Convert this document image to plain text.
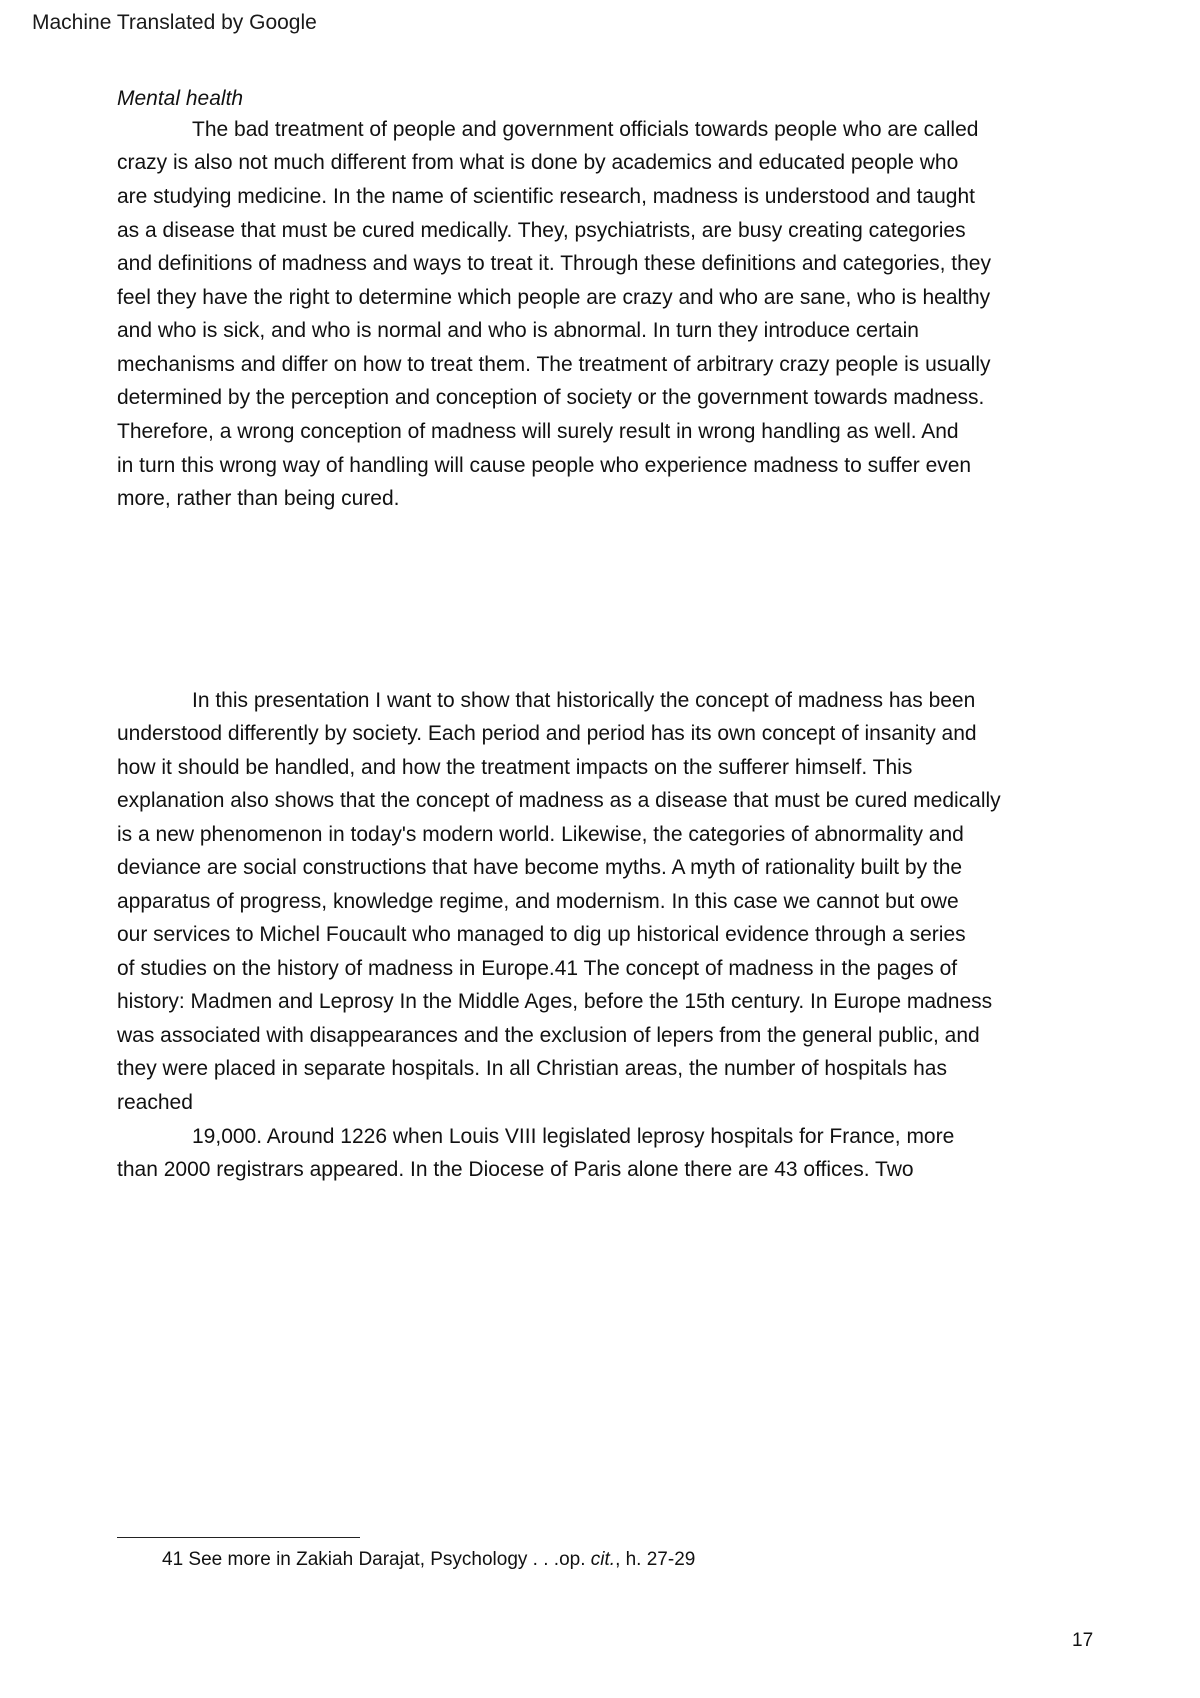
Machine Translated by Google
Mental health
The bad treatment of people and government officials towards people who are called
crazy is also not much different from what is done by academics and educated people who
are studying medicine. In the name of scientific research, madness is understood and taught
as a disease that must be cured medically. They, psychiatrists, are busy creating categories
and definitions of madness and ways to treat it. Through these definitions and categories, they
feel they have the right to determine which people are crazy and who are sane, who is healthy
and who is sick, and who is normal and who is abnormal. In turn they introduce certain
mechanisms and differ on how to treat them. The treatment of arbitrary crazy people is usually
determined by the perception and conception of society or the government towards madness.
Therefore, a wrong conception of madness will surely result in wrong handling as well. And
in turn this wrong way of handling will cause people who experience madness to suffer even
more, rather than being cured.
In this presentation I want to show that historically the concept of madness has been
understood differently by society. Each period and period has its own concept of insanity and
how it should be handled, and how the treatment impacts on the sufferer himself. This
explanation also shows that the concept of madness as a disease that must be cured medically
is a new phenomenon in today's modern world. Likewise, the categories of abnormality and
deviance are social constructions that have become myths. A myth of rationality built by the
apparatus of progress, knowledge regime, and modernism. In this case we cannot but owe
our services to Michel Foucault who managed to dig up historical evidence through a series
of studies on the history of madness in Europe.41 The concept of madness in the pages of
history: Madmen and Leprosy In the Middle Ages, before the 15th century. In Europe madness
was associated with disappearances and the exclusion of lepers from the general public, and
they were placed in separate hospitals. In all Christian areas, the number of hospitals has
reached
19,000. Around 1226 when Louis VIII legislated leprosy hospitals for France, more
than 2000 registrars appeared. In the Diocese of Paris alone there are 43 offices. Two
41 See more in Zakiah Darajat, Psychology . . .op. cit., h. 27-29
17
